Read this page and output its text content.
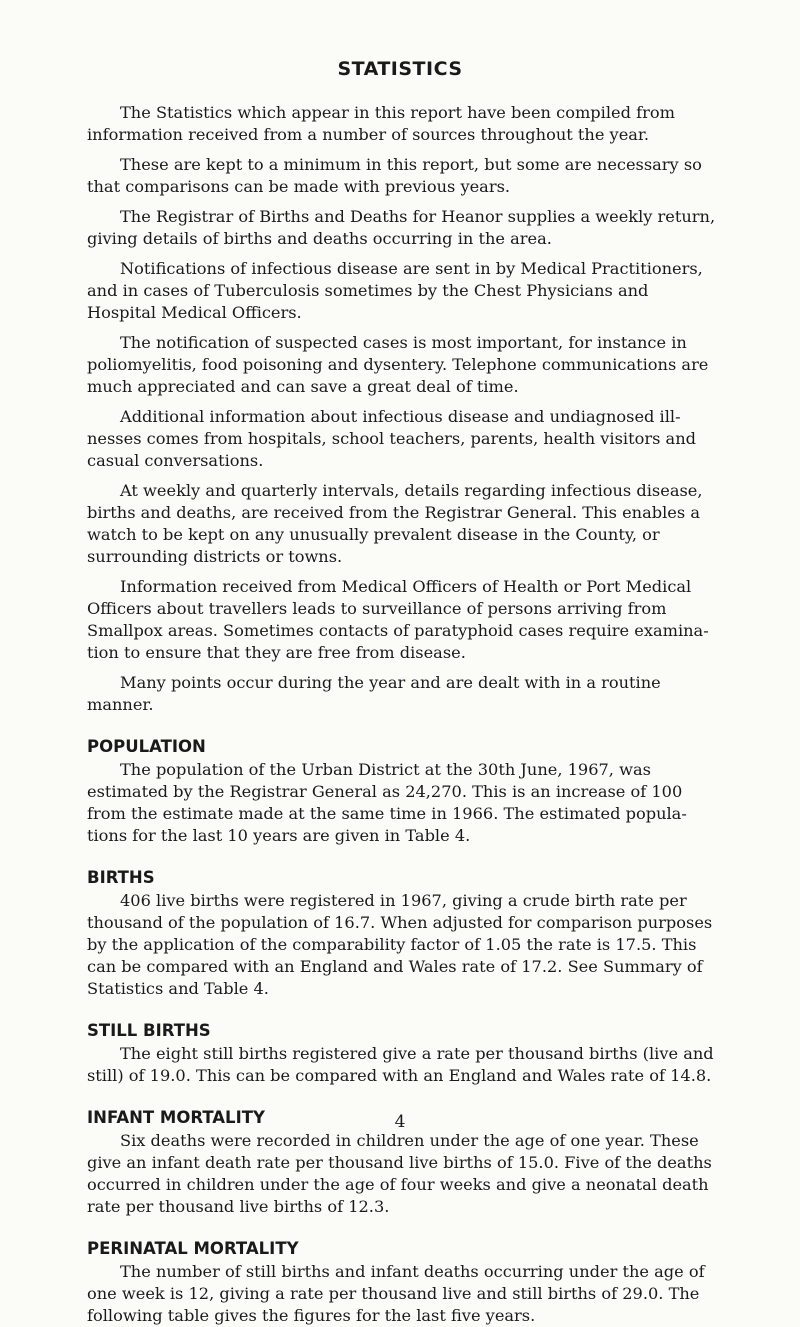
STATISTICS

The Statistics which appear in this report have been compiled from information received from a number of sources throughout the year.

These are kept to a minimum in this report, but some are necessary so that comparisons can be made with previous years.

The Registrar of Births and Deaths for Heanor supplies a weekly return, giving details of births and deaths occurring in the area.

Notifications of infectious disease are sent in by Medical Practitioners, and in cases of Tuberculosis sometimes by the Chest Physicians and Hospital Medical Officers.

The notification of suspected cases is most important, for instance in poliomyelitis, food poisoning and dysentery. Telephone communications are much appreciated and can save a great deal of time.

Additional information about infectious disease and undiagnosed ill-nesses comes from hospitals, school teachers, parents, health visitors and casual conversations.

At weekly and quarterly intervals, details regarding infectious disease, births and deaths, are received from the Registrar General. This enables a watch to be kept on any unusually prevalent disease in the County, or surrounding districts or towns.

Information received from Medical Officers of Health or Port Medical Officers about travellers leads to surveillance of persons arriving from Smallpox areas. Sometimes contacts of paratyphoid cases require examina-tion to ensure that they are free from disease.

Many points occur during the year and are dealt with in a routine manner.

POPULATION

The population of the Urban District at the 30th June, 1967, was estimated by the Registrar General as 24,270. This is an increase of 100 from the estimate made at the same time in 1966. The estimated popula-tions for the last 10 years are given in Table 4.

BIRTHS

406 live births were registered in 1967, giving a crude birth rate per thousand of the population of 16.7. When adjusted for comparison purposes by the application of the comparability factor of 1.05 the rate is 17.5. This can be compared with an England and Wales rate of 17.2. See Summary of Statistics and Table 4.

STILL BIRTHS

The eight still births registered give a rate per thousand births (live and still) of 19.0. This can be compared with an England and Wales rate of 14.8.

INFANT MORTALITY

Six deaths were recorded in children under the age of one year. These give an infant death rate per thousand live births of 15.0. Five of the deaths occurred in children under the age of four weeks and give a neonatal death rate per thousand live births of 12.3.

PERINATAL MORTALITY

The number of still births and infant deaths occurring under the age of one week is 12, giving a rate per thousand live and still births of 29.0. The following table gives the figures for the last five years.

4
